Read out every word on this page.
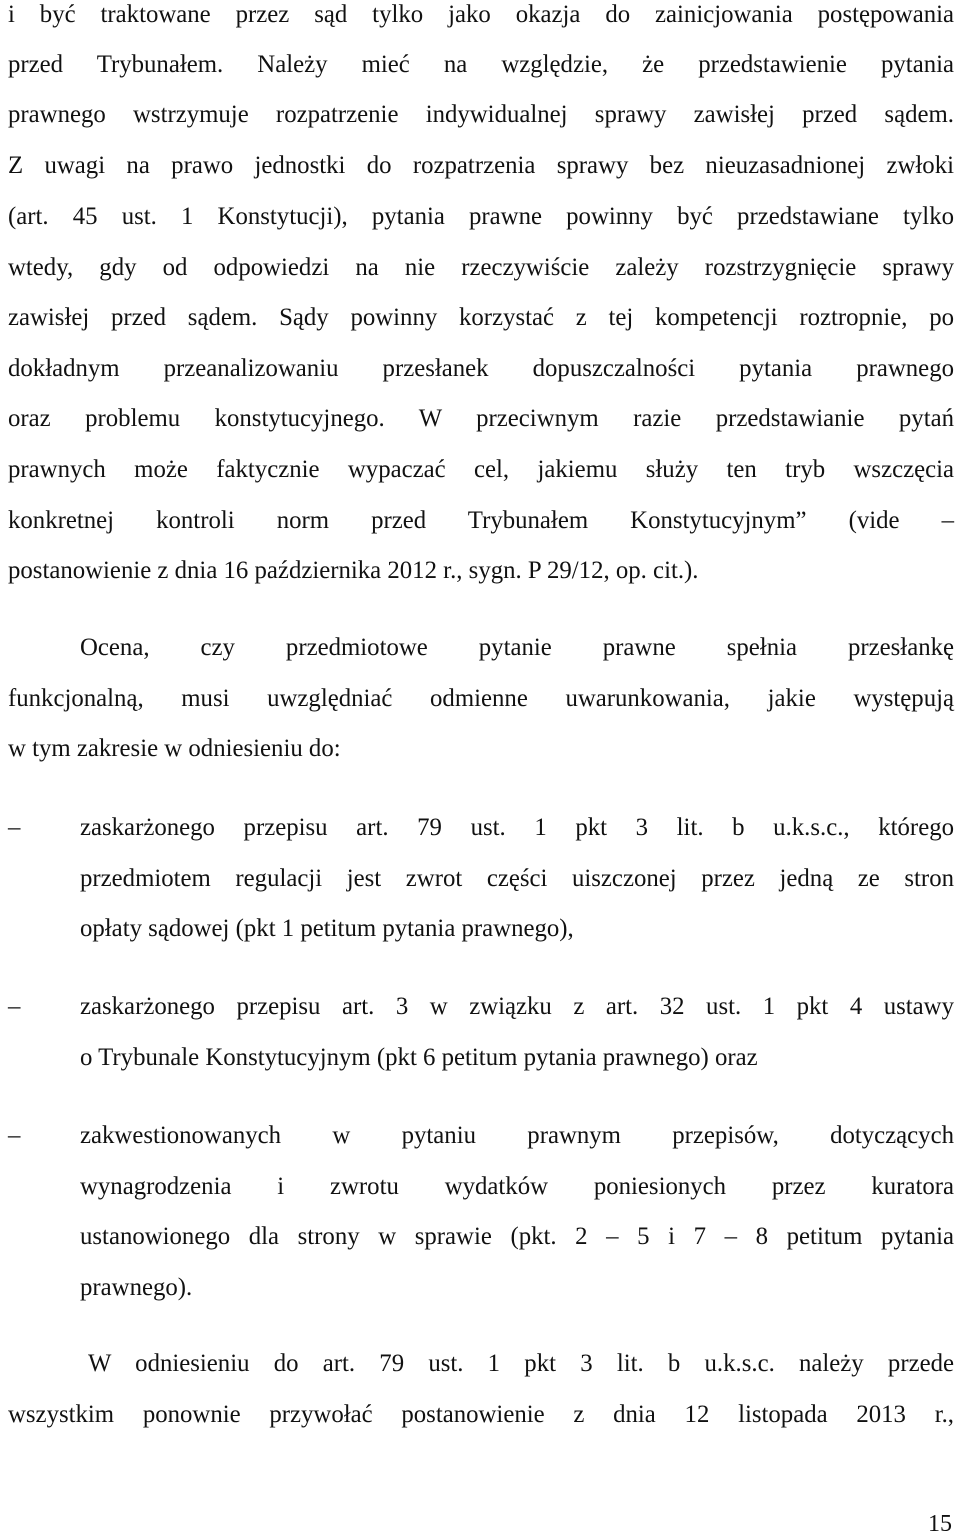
i być traktowane przez sąd tylko jako okazja do zainicjowania postępowania
przed Trybunałem. Należy mieć na względzie, że przedstawienie pytania
prawnego wstrzymuje rozpatrzenie indywidualnej sprawy zawisłej przed sądem.
Z uwagi na prawo jednostki do rozpatrzenia sprawy bez nieuzasadnionej zwłoki
(art. 45 ust. 1 Konstytucji), pytania prawne powinny być przedstawiane tylko
wtedy, gdy od odpowiedzi na nie rzeczywiście zależy rozstrzygnięcie sprawy
zawisłej przed sądem. Sądy powinny korzystać z tej kompetencji roztropnie, po
dokładnym przeanalizowaniu przesłanek dopuszczalności pytania prawnego
oraz problemu konstytucyjnego. W przeciwnym razie przedstawianie pytań
prawnych może faktycznie wypaczać cel, jakiemu służy ten tryb wszczęcia
konkretnej kontroli norm przed Trybunałem Konstytucyjnym” (vide –
postanowienie z dnia 16 października 2012 r., sygn. P 29/12, op. cit.).
Ocena, czy przedmiotowe pytanie prawne spełnia przesłankę
funkcjonalną, musi uwzględniać odmienne uwarunkowania, jakie występują
w tym zakresie w odniesieniu do:
– zaskarżonego przepisu art. 79 ust. 1 pkt 3 lit. b u.k.s.c., którego
przedmiotem regulacji jest zwrot części uiszczonej przez jedną ze stron
opłaty sądowej (pkt 1 petitum pytania prawnego),
– zaskarżonego przepisu art. 3 w związku z art. 32 ust. 1 pkt 4 ustawy
o Trybunale Konstytucyjnym (pkt 6 petitum pytania prawnego) oraz
– zakwestionowanych w pytaniu prawnym przepisów, dotyczących
wynagrodzenia i zwrotu wydatków poniesionych przez kuratora
ustanowionego dla strony w sprawie (pkt. 2 – 5 i 7 – 8 petitum pytania
prawnego).
W odniesieniu do art. 79 ust. 1 pkt 3 lit. b u.k.s.c. należy przede
wszystkim ponownie przywołać postanowienie z dnia 12 listopada 2013 r.,
15
